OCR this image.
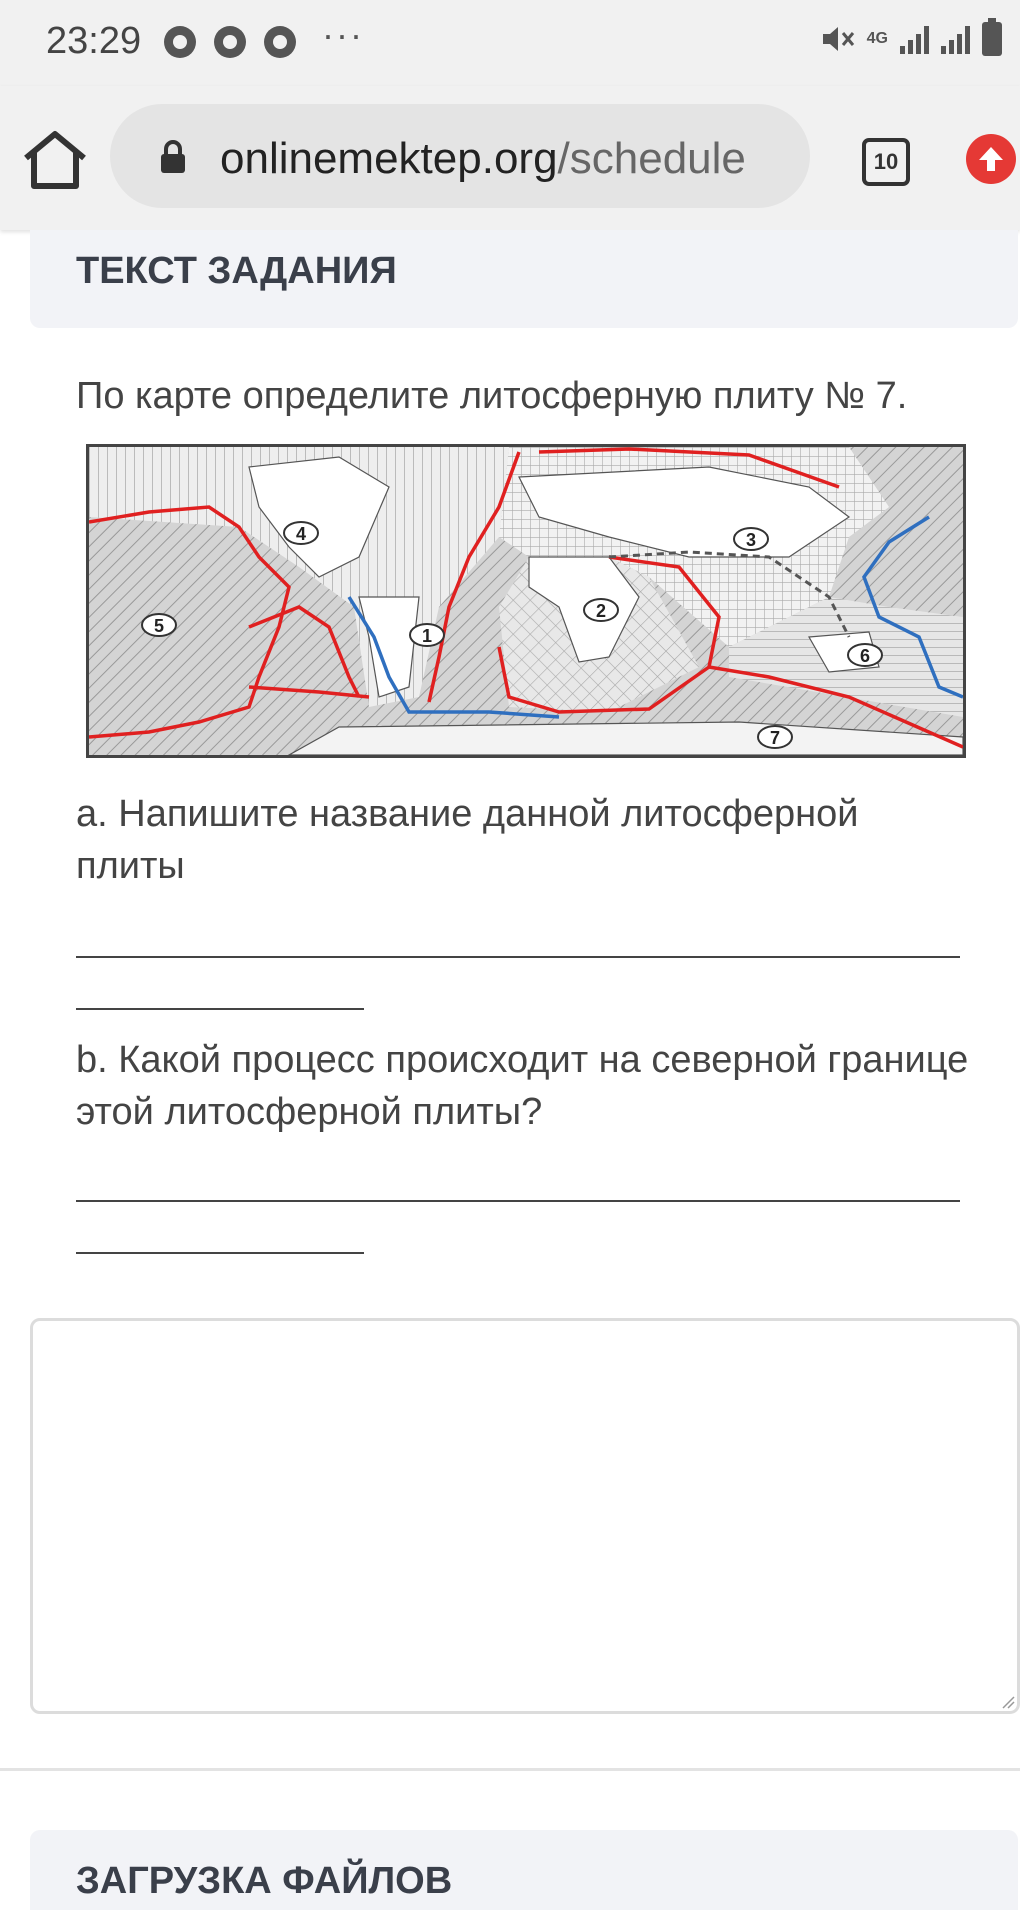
23:29	···	4G
onlinemektep.org/schedule	10
ТЕКСТ ЗАДАНИЯ
По карте определите литосферную плиту № 7.
1
2
3
4
5
6
7
a. Напишите название данной литосферной плиты
b. Какой процесс происходит на северной границе этой литосферной плиты?
ЗАГРУЗКА ФАЙЛОВ
